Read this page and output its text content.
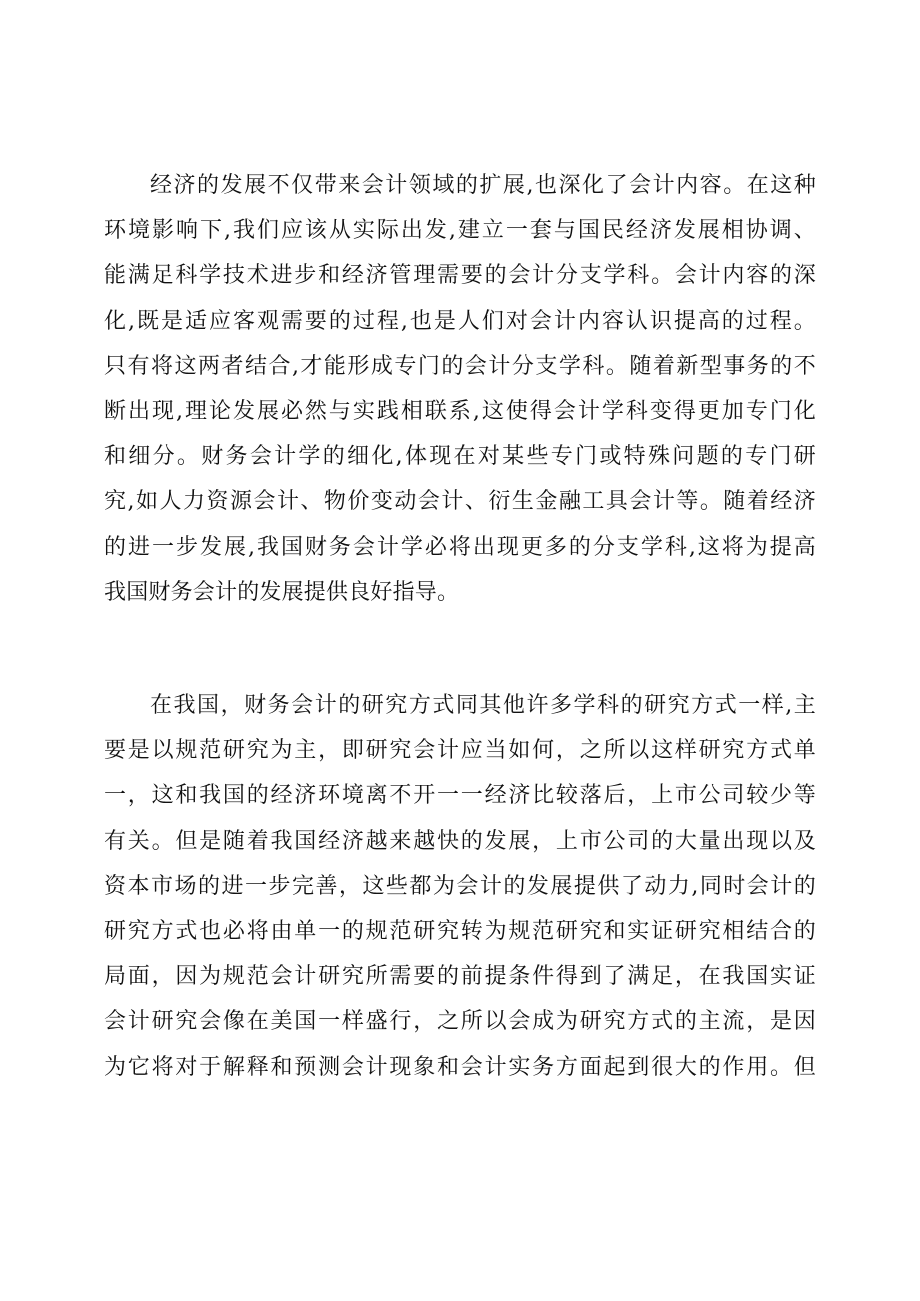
经济的发展不仅带来会计领域的扩展,也深化了会计内容。在这种
环境影响下,我们应该从实际出发,建立一套与国民经济发展相协调、
能满足科学技术进步和经济管理需要的会计分支学科。会计内容的深
化,既是适应客观需要的过程,也是人们对会计内容认识提高的过程。
只有将这两者结合,才能形成专门的会计分支学科。随着新型事务的不
断出现,理论发展必然与实践相联系,这使得会计学科变得更加专门化
和细分。财务会计学的细化,体现在对某些专门或特殊问题的专门研
究,如人力资源会计、物价变动会计、衍生金融工具会计等。随着经济
的进一步发展,我国财务会计学必将出现更多的分支学科,这将为提高
我国财务会计的发展提供良好指导。
在我国，财务会计的研究方式同其他许多学科的研究方式一样,主
要是以规范研究为主，即研究会计应当如何，之所以这样研究方式单
一，这和我国的经济环境离不开一一经济比较落后，上市公司较少等
有关。但是随着我国经济越来越快的发展，上市公司的大量出现以及
资本市场的进一步完善，这些都为会计的发展提供了动力,同时会计的
研究方式也必将由单一的规范研究转为规范研究和实证研究相结合的
局面，因为规范会计研究所需要的前提条件得到了满足，在我国实证
会计研究会像在美国一样盛行，之所以会成为研究方式的主流，是因
为它将对于解释和预测会计现象和会计实务方面起到很大的作用。但
